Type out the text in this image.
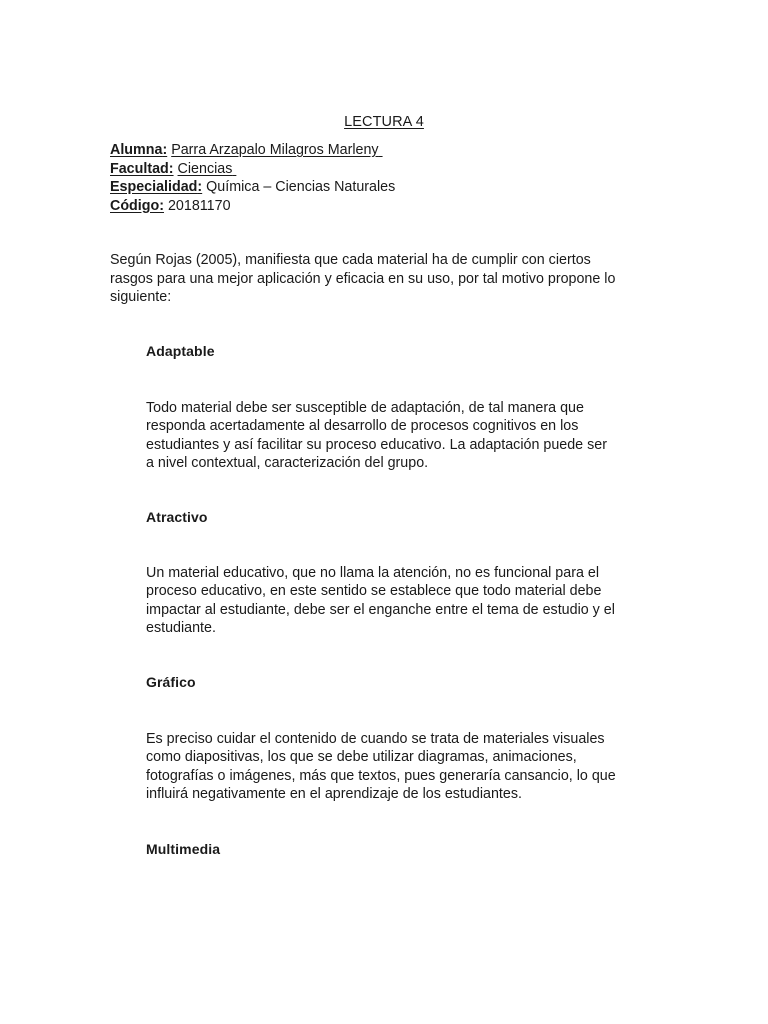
LECTURA 4
Alumna: Parra Arzapalo Milagros Marleny
Facultad: Ciencias
Especialidad: Química – Ciencias Naturales
Código: 20181170
Según Rojas (2005), manifiesta que cada material ha de cumplir con ciertos
rasgos para una mejor aplicación y eficacia en su uso, por tal motivo propone lo
siguiente:
Adaptable
Todo material debe ser susceptible de adaptación, de tal manera que
responda acertadamente al desarrollo de procesos cognitivos en los
estudiantes y así facilitar su proceso educativo. La adaptación puede ser
a nivel contextual, caracterización del grupo.
Atractivo
Un material educativo, que no llama la atención, no es funcional para el
proceso educativo, en este sentido se establece que todo material debe
impactar al estudiante, debe ser el enganche entre el tema de estudio y el
estudiante.
Gráfico
Es preciso cuidar el contenido de cuando se trata de materiales visuales
como diapositivas, los que se debe utilizar diagramas, animaciones,
fotografías o imágenes, más que textos, pues generaría cansancio, lo que
influirá negativamente en el aprendizaje de los estudiantes.
Multimedia
